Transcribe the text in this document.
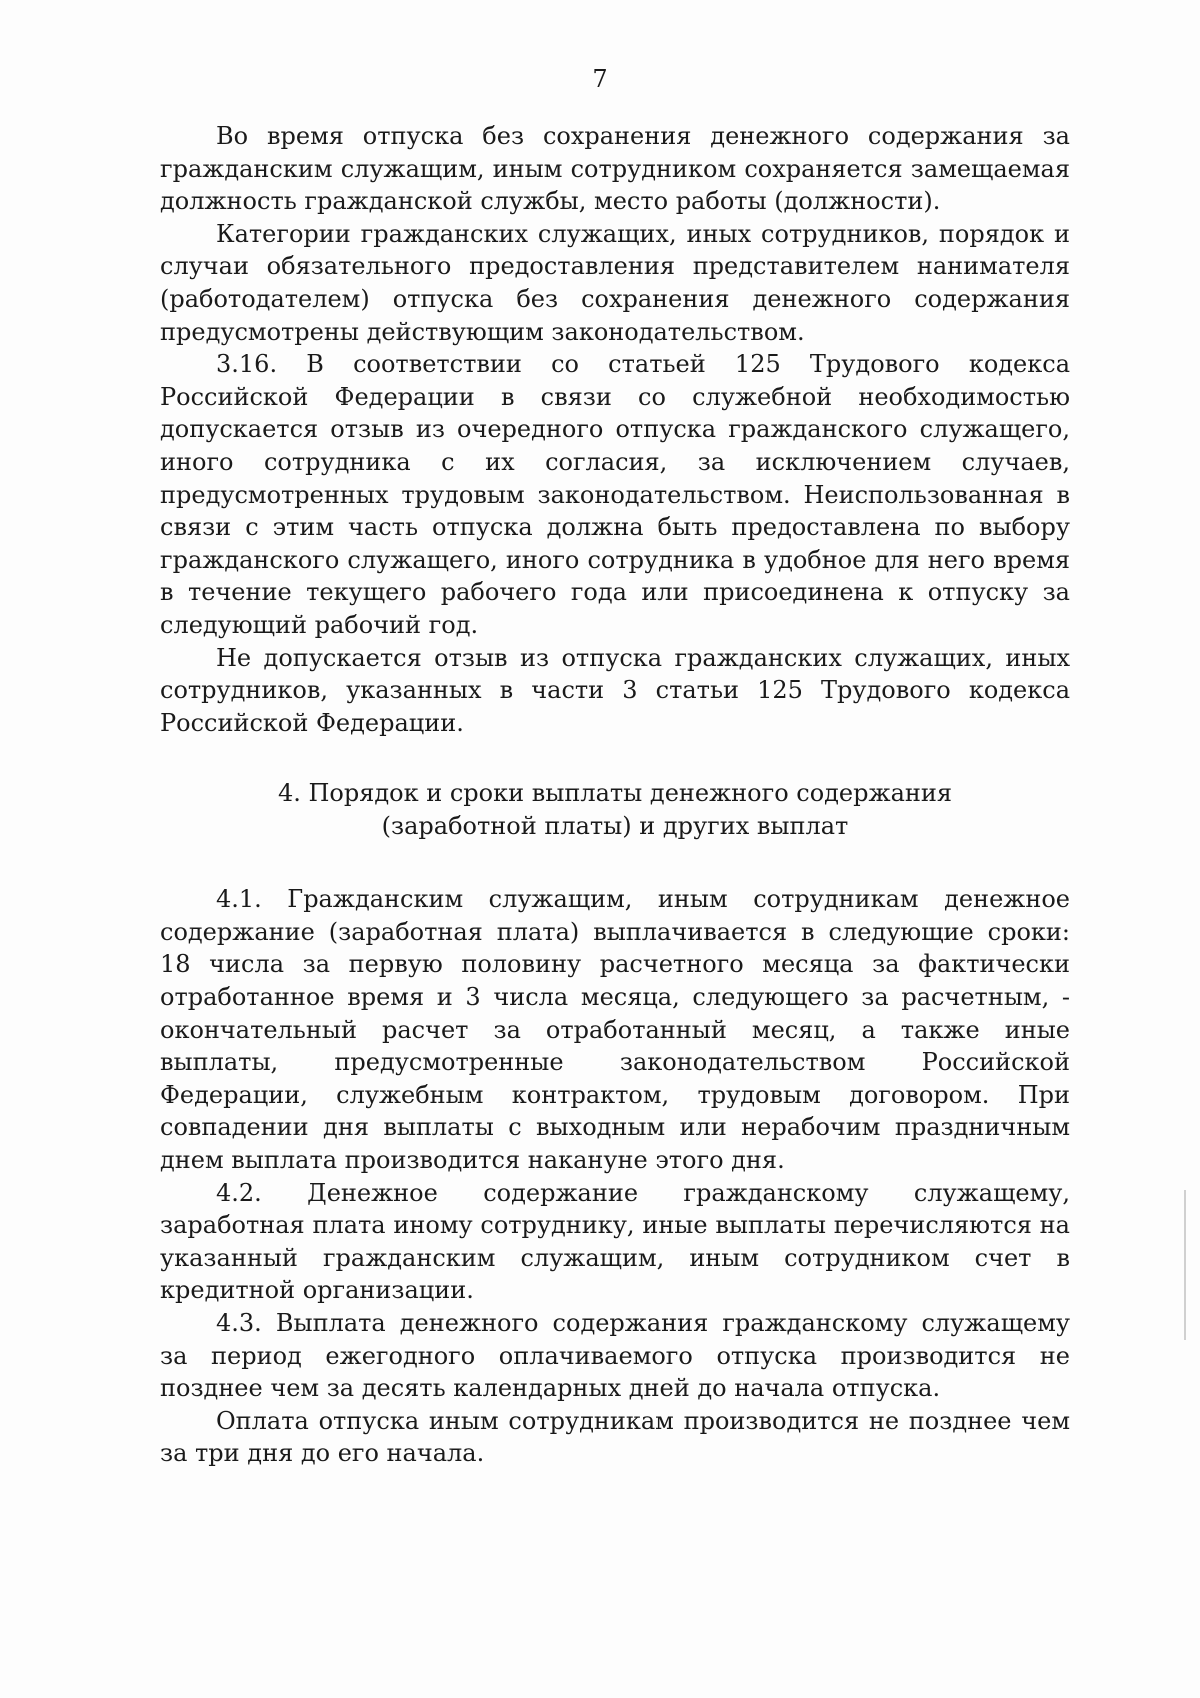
7

Во время отпуска без сохранения денежного содержания за гражданским служащим, иным сотрудником сохраняется замещаемая должность гражданской службы, место работы (должности).

Категории гражданских служащих, иных сотрудников, порядок и случаи обязательного предоставления представителем нанимателя (работодателем) отпуска без сохранения денежного содержания предусмотрены действующим законодательством.

3.16. В соответствии со статьей 125 Трудового кодекса Российской Федерации в связи со служебной необходимостью допускается отзыв из очередного отпуска гражданского служащего, иного сотрудника с их согласия, за исключением случаев, предусмотренных трудовым законодательством. Неиспользованная в связи с этим часть отпуска должна быть предоставлена по выбору гражданского служащего, иного сотрудника в удобное для него время в течение текущего рабочего года или присоединена к отпуску за следующий рабочий год.

Не допускается отзыв из отпуска гражданских служащих, иных сотрудников, указанных в части 3 статьи 125 Трудового кодекса Российской Федерации.

4. Порядок и сроки выплаты денежного содержания
(заработной платы) и других выплат

4.1. Гражданским служащим, иным сотрудникам денежное содержание (заработная плата) выплачивается в следующие сроки: 18 числа за первую половину расчетного месяца за фактически отработанное время и 3 числа месяца, следующего за расчетным, - окончательный расчет за отработанный месяц, а также иные выплаты, предусмотренные законодательством Российской Федерации, служебным контрактом, трудовым договором. При совпадении дня выплаты с выходным или нерабочим праздничным днем выплата производится накануне этого дня.

4.2. Денежное содержание гражданскому служащему, заработная плата иному сотруднику, иные выплаты перечисляются на указанный гражданским служащим, иным сотрудником счет в кредитной организации.

4.3. Выплата денежного содержания гражданскому служащему за период ежегодного оплачиваемого отпуска производится не позднее чем за десять календарных дней до начала отпуска.

Оплата отпуска иным сотрудникам производится не позднее чем за три дня до его начала.
